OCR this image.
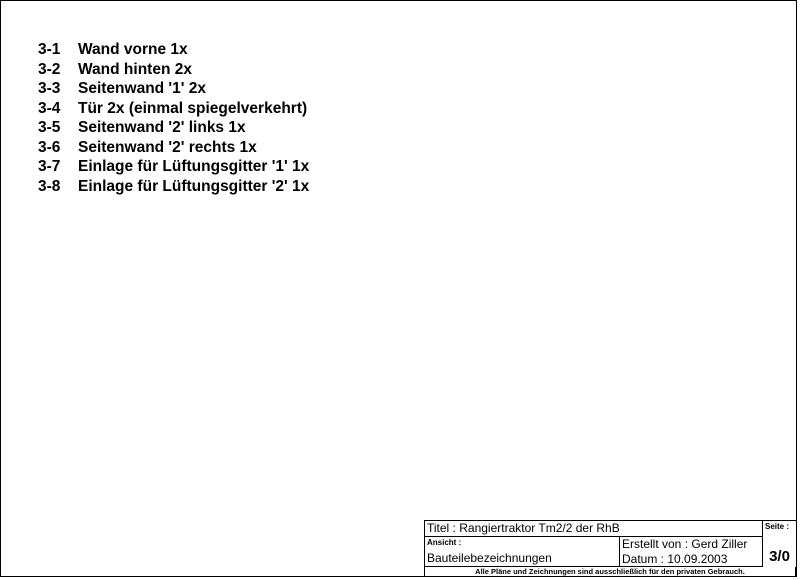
3-1 Wand vorne 1x
3-2 Wand hinten 2x
3-3 Seitenwand '1' 2x
3-4 Tür 2x (einmal spiegelverkehrt)
3-5 Seitenwand '2' links 1x
3-6 Seitenwand '2' rechts 1x
3-7 Einlage für Lüftungsgitter '1' 1x
3-8 Einlage für Lüftungsgitter '2' 1x
Titel : Rangiertraktor Tm2/2 der RhB	Seite :
Ansicht :
Bauteilebezeichnungen
Erstellt von : Gerd Ziller
Datum : 10.09.2003	3/0
Alle Pläne und Zeichnungen sind ausschließlich für den privaten Gebrauch.
